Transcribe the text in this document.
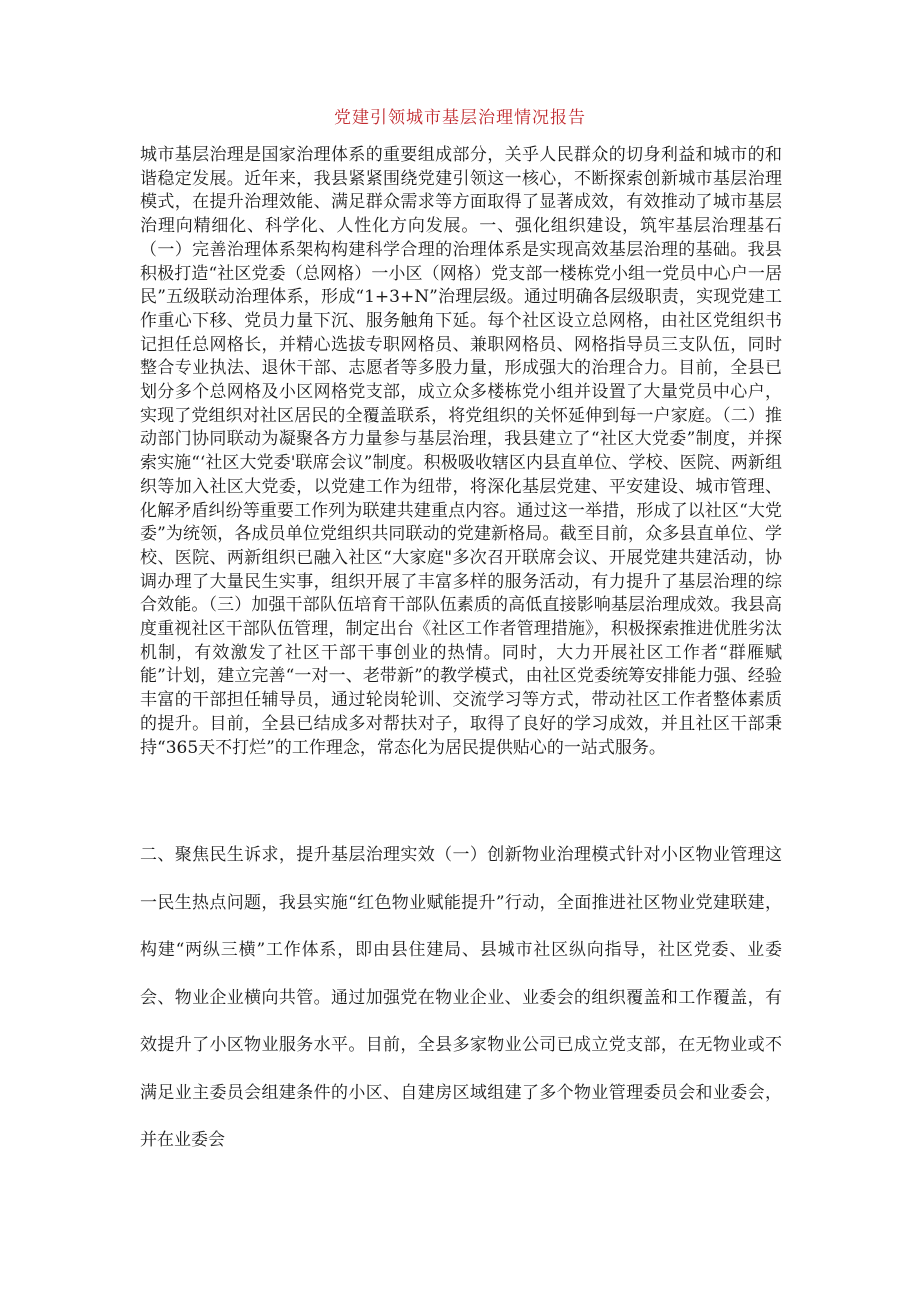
党建引领城市基层治理情况报告

城市基层治理是国家治理体系的重要组成部分，关乎人民群众的切身利益和城市的和谐稳定发展。近年来，我县紧紧围绕党建引领这一核心，不断探索创新城市基层治理模式，在提升治理效能、满足群众需求等方面取得了显著成效，有效推动了城市基层治理向精细化、科学化、人性化方向发展。一、强化组织建设，筑牢基层治理基石（一）完善治理体系架构构建科学合理的治理体系是实现高效基层治理的基础。我县积极打造“社区党委（总网格）一小区（网格）党支部一楼栋党小组一党员中心户一居民”五级联动治理体系，形成“1+3+N”治理层级。通过明确各层级职责，实现党建工作重心下移、党员力量下沉、服务触角下延。每个社区设立总网格，由社区党组织书记担任总网格长，并精心选拔专职网格员、兼职网格员、网格指导员三支队伍，同时整合专业执法、退休干部、志愿者等多股力量，形成强大的治理合力。目前，全县已划分多个总网格及小区网格党支部，成立众多楼栋党小组并设置了大量党员中心户，实现了党组织对社区居民的全覆盖联系，将党组织的关怀延伸到每一户家庭。（二）推动部门协同联动为凝聚各方力量参与基层治理，我县建立了“社区大党委”制度，并探索实施“‘社区大党委'联席会议”制度。积极吸收辖区内县直单位、学校、医院、两新组织等加入社区大党委，以党建工作为纽带，将深化基层党建、平安建设、城市管理、化解矛盾纠纷等重要工作列为联建共建重点内容。通过这一举措，形成了以社区“大党委”为统领，各成员单位党组织共同联动的党建新格局。截至目前，众多县直单位、学校、医院、两新组织已融入社区“大家庭"多次召开联席会议、开展党建共建活动，协调办理了大量民生实事，组织开展了丰富多样的服务活动，有力提升了基层治理的综合效能。（三）加强干部队伍培育干部队伍素质的高低直接影响基层治理成效。我县高度重视社区干部队伍管理，制定出台《社区工作者管理措施》，积极探索推进优胜劣汰机制，有效激发了社区干部干事创业的热情。同时，大力开展社区工作者“群雁赋能”计划，建立完善“一对一、老带新”的教学模式，由社区党委统筹安排能力强、经验丰富的干部担任辅导员，通过轮岗轮训、交流学习等方式，带动社区工作者整体素质的提升。目前，全县已结成多对帮扶对子，取得了良好的学习成效，并且社区干部秉持“365天不打烂”的工作理念，常态化为居民提供贴心的一站式服务。

二、聚焦民生诉求，提升基层治理实效（一）创新物业治理模式针对小区物业管理这一民生热点问题，我县实施“红色物业赋能提升”行动，全面推进社区物业党建联建，构建“两纵三横”工作体系，即由县住建局、县城市社区纵向指导，社区党委、业委会、物业企业横向共管。通过加强党在物业企业、业委会的组织覆盖和工作覆盖，有效提升了小区物业服务水平。目前，全县多家物业公司已成立党支部，在无物业或不满足业主委员会组建条件的小区、自建房区域组建了多个物业管理委员会和业委会，并在业委会
